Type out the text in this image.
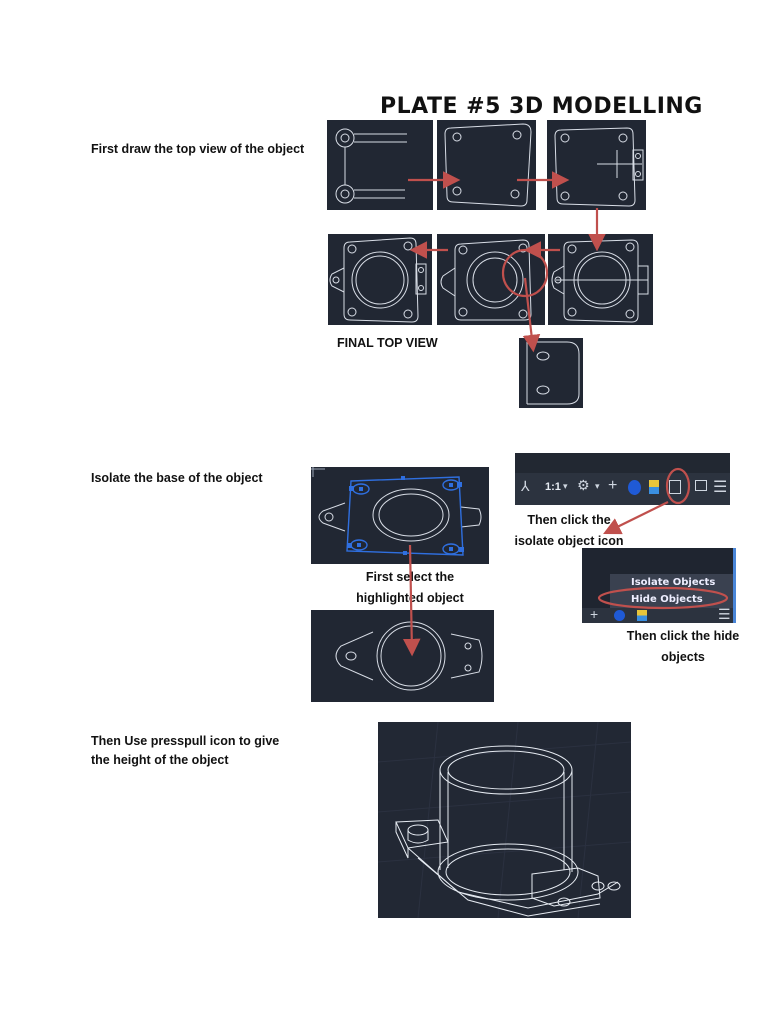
PLATE #5 3D MODELLING
First draw the top view of the object
Isolate the base of the object
Then Use presspull icon to give
the height of the object
FINAL TOP VIEW
First select the
highlighted object
⅄ 1:1 ▾ ⚙ ▾ +	☰
Then click the
isolate object icon
Isolate Objects
Hide Objects
+	☰
Then click the hide
objects
